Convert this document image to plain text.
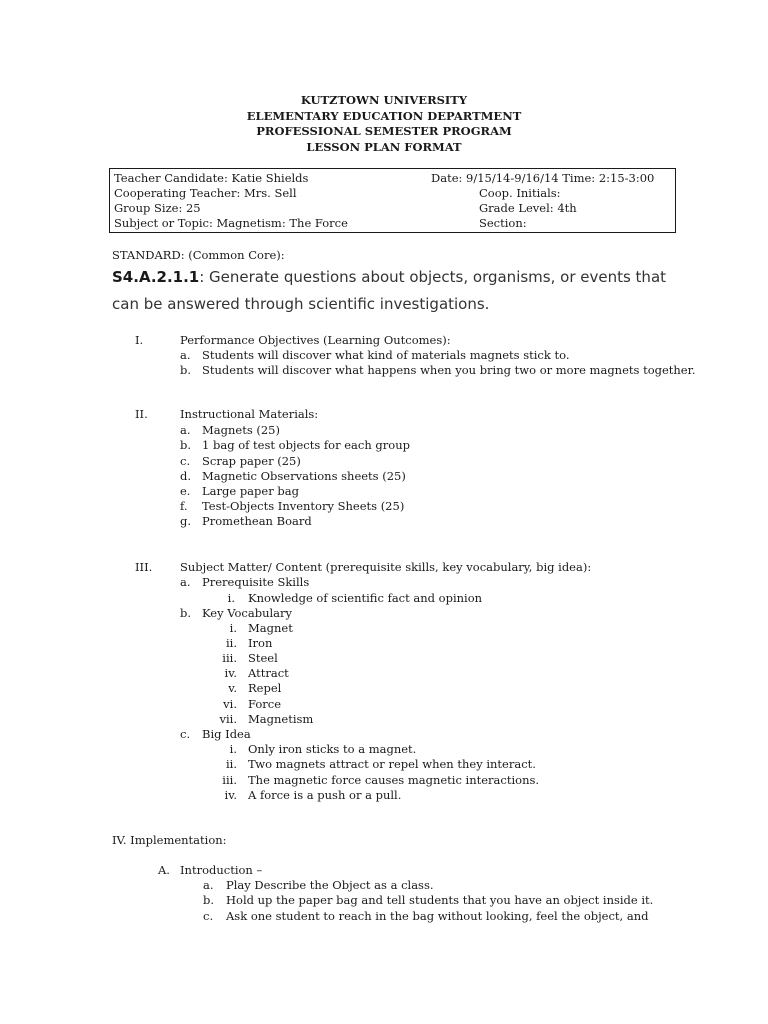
KUTZTOWN UNIVERSITY
ELEMENTARY EDUCATION DEPARTMENT
PROFESSIONAL SEMESTER PROGRAM
LESSON PLAN FORMAT
Teacher Candidate: Katie Shields	Date: 9/15/14-9/16/14 Time: 2:15-3:00
Cooperating Teacher: Mrs. Sell	Coop. Initials:
Group Size: 25	Grade Level: 4th
Subject or Topic: Magnetism: The Force	Section:
STANDARD: (Common Core):
S4.A.2.1.1: Generate questions about objects, organisms, or events that can be answered through scientific investigations.
I.	Performance Objectives (Learning Outcomes):
a. Students will discover what kind of materials magnets stick to.
b. Students will discover what happens when you bring two or more magnets together.
II.	Instructional Materials:
a. Magnets (25)
b. 1 bag of test objects for each group
c. Scrap paper (25)
d. Magnetic Observations sheets (25)
e. Large paper bag
f. Test-Objects Inventory Sheets (25)
g. Promethean Board
III. Subject Matter/ Content (prerequisite skills, key vocabulary, big idea):
a. Prerequisite Skills
i. Knowledge of scientific fact and opinion
b. Key Vocabulary
i. Magnet
ii. Iron
iii. Steel
iv. Attract
v. Repel
vi. Force
vii. Magnetism
c. Big Idea
i. Only iron sticks to a magnet.
ii. Two magnets attract or repel when they interact.
iii. The magnetic force causes magnetic interactions.
iv. A force is a push or a pull.
IV. Implementation:
A. Introduction –
a. Play Describe the Object as a class.
b. Hold up the paper bag and tell students that you have an object inside it.
c. Ask one student to reach in the bag without looking, feel the object, and
